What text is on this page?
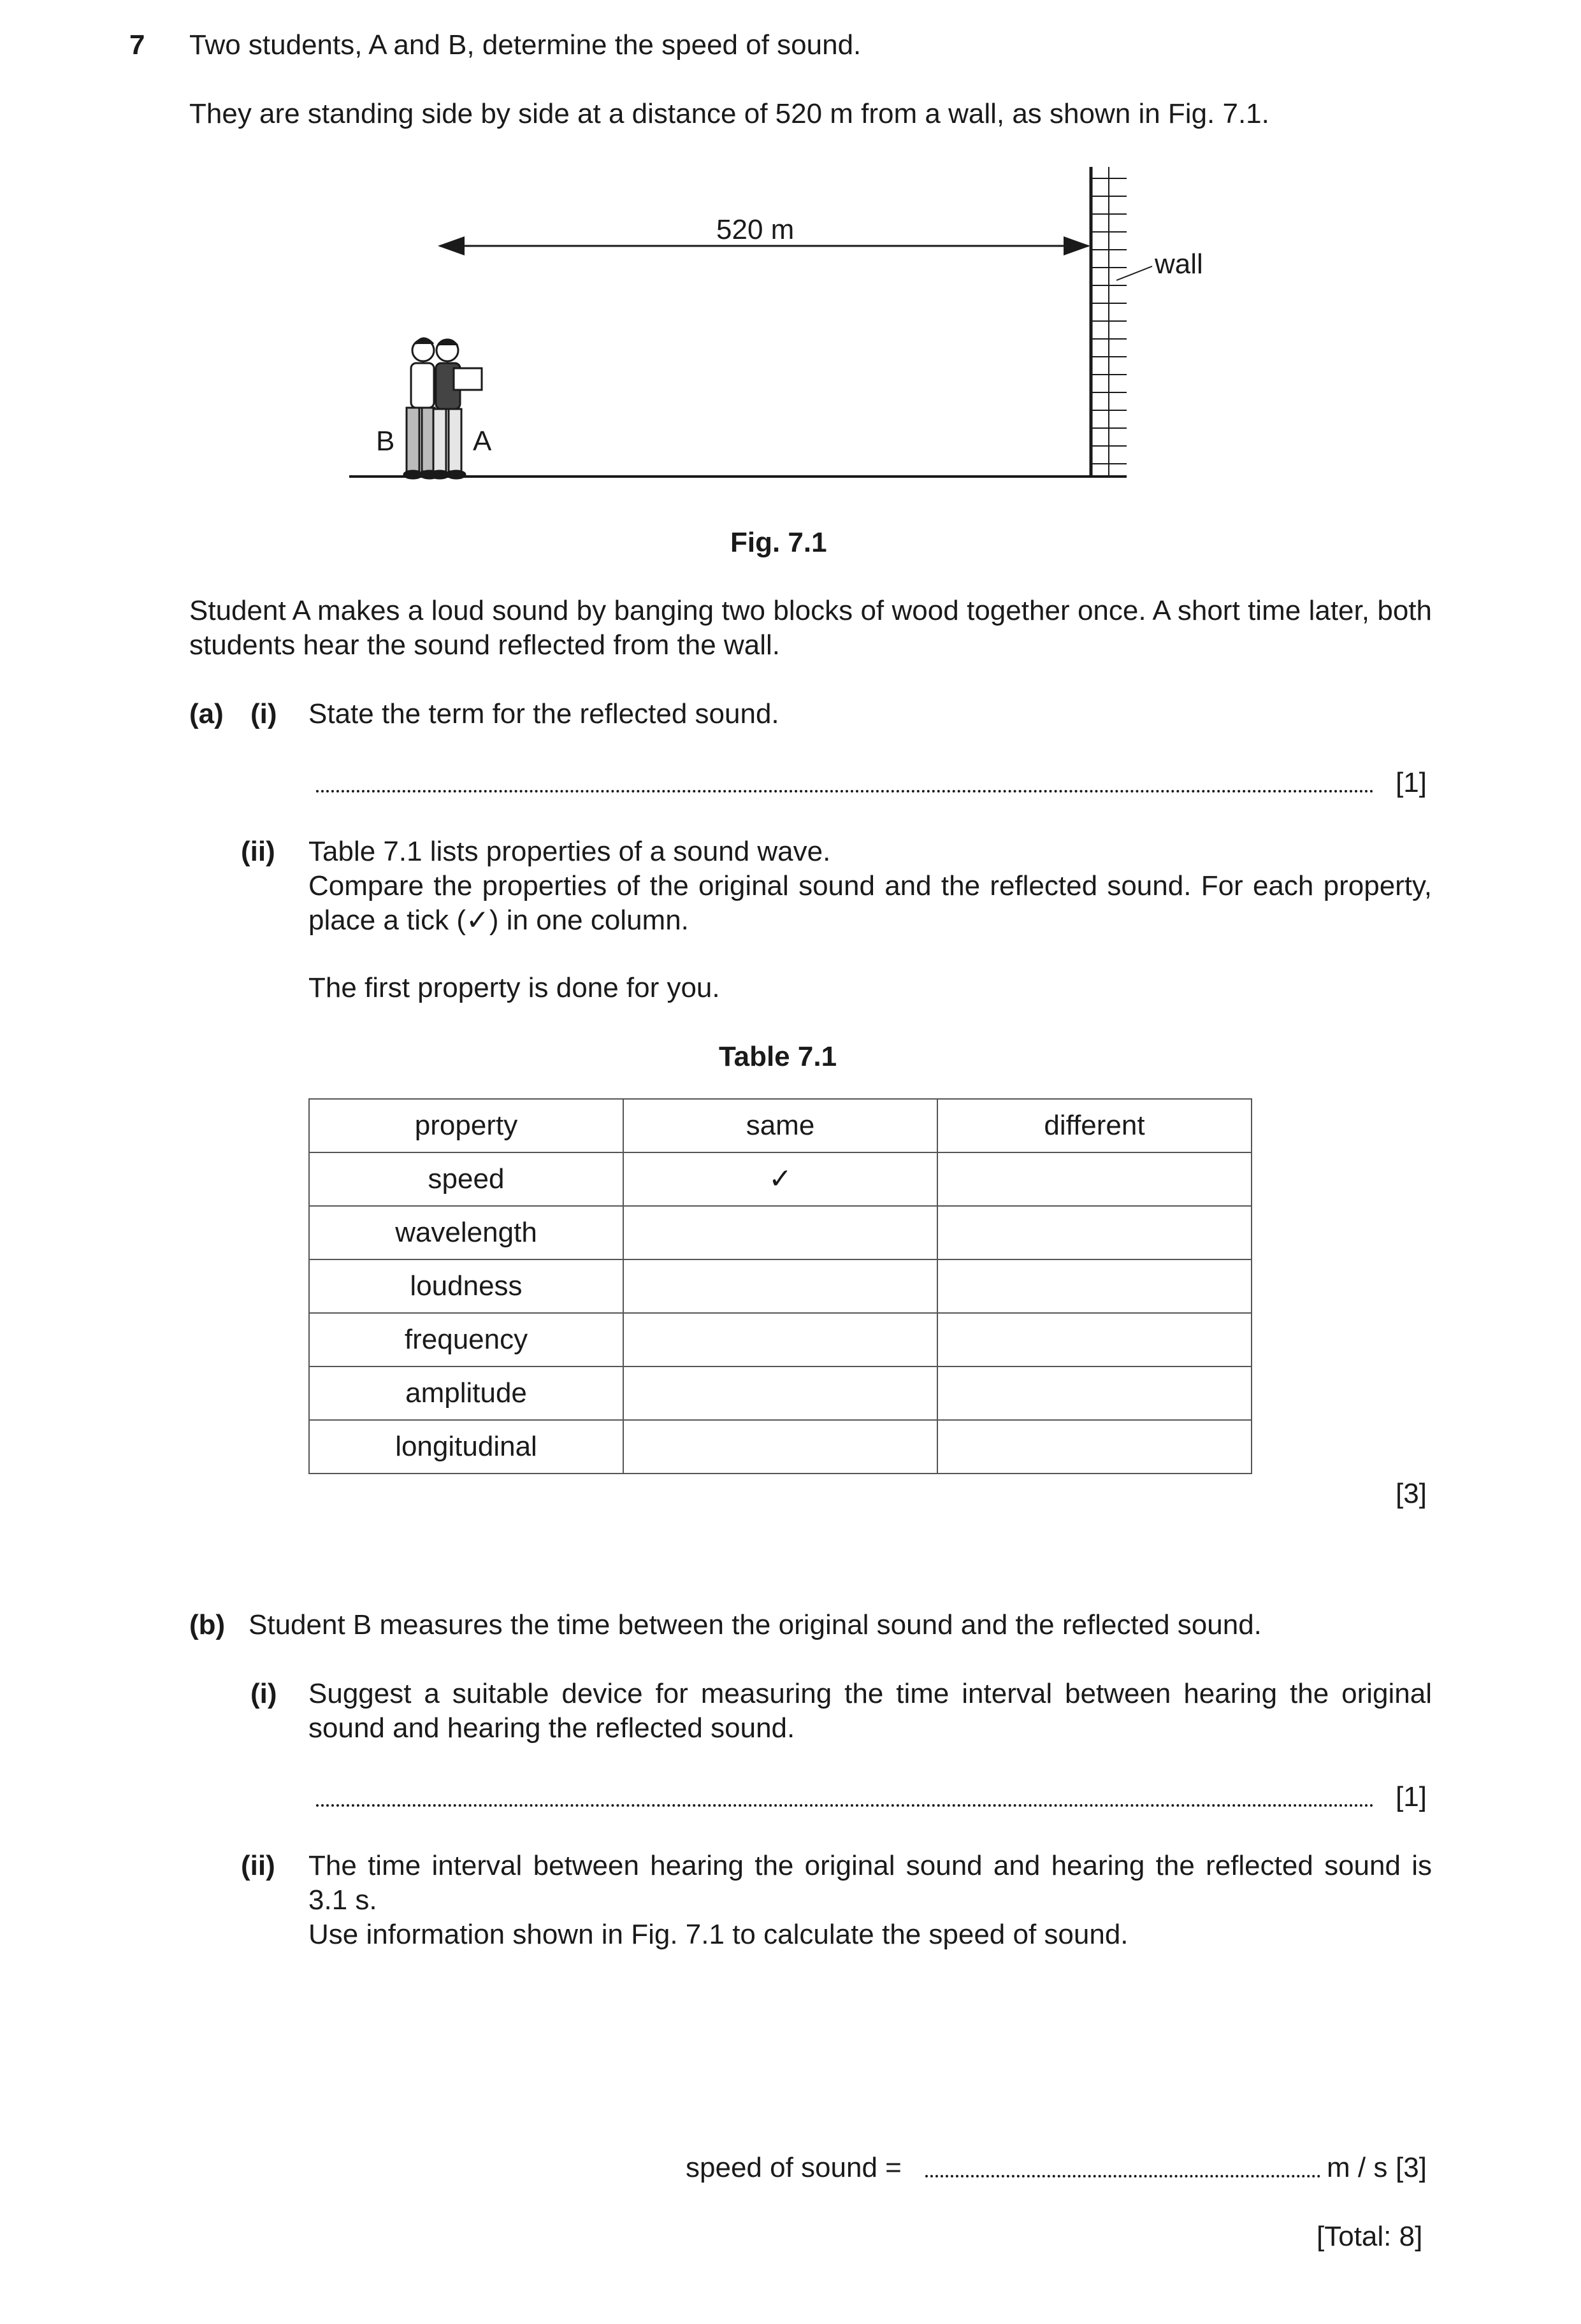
7 Two students, A and B, determine the speed of sound.
They are standing side by side at a distance of 520 m from a wall, as shown in Fig. 7.1.
520 m
wall
B	A
Fig. 7.1
Student A makes a loud sound by banging two blocks of wood together once. A short time later, both students hear the sound reflected from the wall.
(a) (i) State the term for the reflected sound.
[1]
(ii) Table 7.1 lists properties of a sound wave.
Compare the properties of the original sound and the reflected sound. For each property, place a tick (✓) in one column.
The first property is done for you.
Table 7.1
property	same	different
speed	✓	
wavelength		
loudness		
frequency		
amplitude		
longitudinal		
[3]
(b) Student B measures the time between the original sound and the reflected sound.
(i) Suggest a suitable device for measuring the time interval between hearing the original sound and hearing the reflected sound.
[1]
(ii) The time interval between hearing the original sound and hearing the reflected sound is 3.1 s.
Use information shown in Fig. 7.1 to calculate the speed of sound.
speed of sound =	m / s [3]
[Total: 8]
